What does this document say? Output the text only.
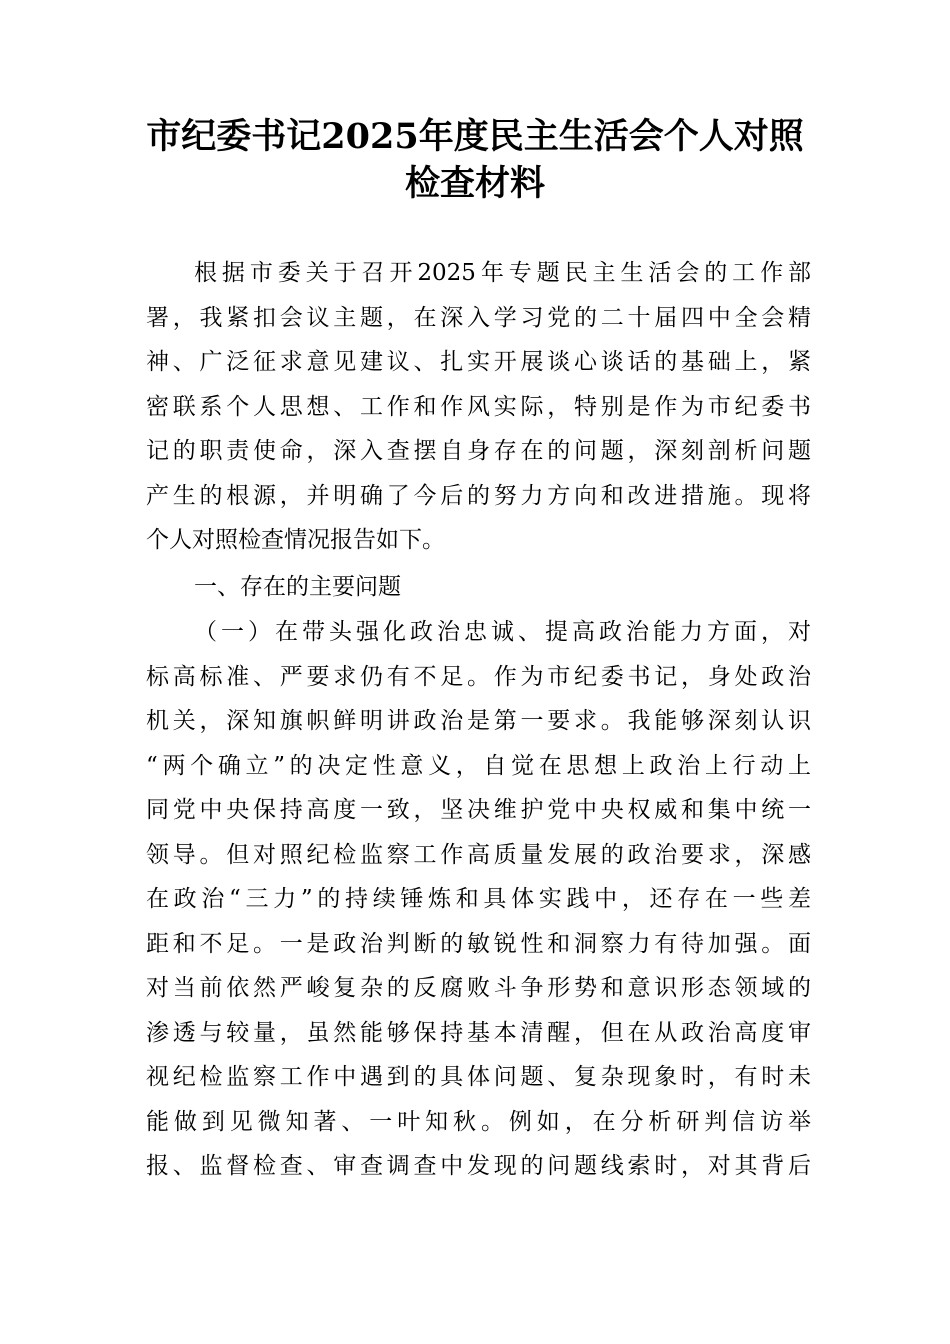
市纪委书记2025年度民主生活会个人对照
检查材料
根据市委关于召开2025年专题民主生活会的工作部
署，我紧扣会议主题，在深入学习党的二十届四中全会精
神、广泛征求意见建议、扎实开展谈心谈话的基础上，紧
密联系个人思想、工作和作风实际，特别是作为市纪委书
记的职责使命，深入查摆自身存在的问题，深刻剖析问题
产生的根源，并明确了今后的努力方向和改进措施。现将
个人对照检查情况报告如下。
一、存在的主要问题
（一）在带头强化政治忠诚、提高政治能力方面，对
标高标准、严要求仍有不足。作为市纪委书记，身处政治
机关，深知旗帜鲜明讲政治是第一要求。我能够深刻认识
“两个确立”的决定性意义，自觉在思想上政治上行动上
同党中央保持高度一致，坚决维护党中央权威和集中统一
领导。但对照纪检监察工作高质量发展的政治要求，深感
在政治“三力”的持续锤炼和具体实践中，还存在一些差
距和不足。一是政治判断的敏锐性和洞察力有待加强。面
对当前依然严峻复杂的反腐败斗争形势和意识形态领域的
渗透与较量，虽然能够保持基本清醒，但在从政治高度审
视纪检监察工作中遇到的具体问题、复杂现象时，有时未
能做到见微知著、一叶知秋。例如，在分析研判信访举
报、监督检查、审查调查中发现的问题线索时，对其背后
